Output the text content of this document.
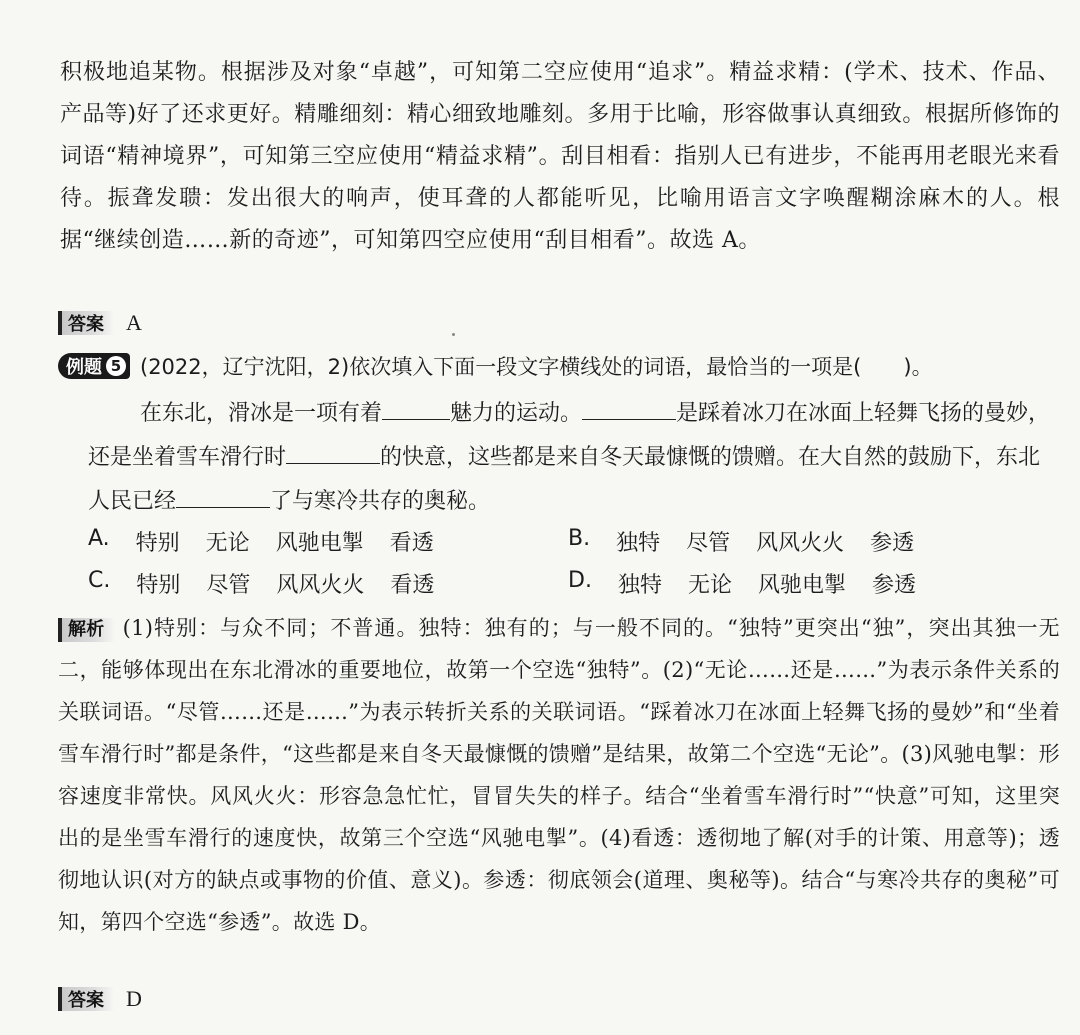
积极地追某物。根据涉及对象“卓越”，可知第二空应使用“追求”。精益求精：(学术、技术、作品、产品等)好了还求更好。精雕细刻：精心细致地雕刻。多用于比喻，形容做事认真细致。根据所修饰的词语“精神境界”，可知第三空应使用“精益求精”。刮目相看：指别人已有进步，不能再用老眼光来看待。振聋发聩：发出很大的响声，使耳聋的人都能听见，比喻用语言文字唤醒糊涂麻木的人。根据“继续创造……新的奇迹”，可知第四空应使用“刮目相看”。故选 A。
答案	A
例题 5 (2022，辽宁沈阳，2)依次填入下面一段文字横线处的词语，最恰当的一项是(　　)。
在东北，滑冰是一项有着	魅力的运动。	是踩着冰刀在冰面上轻舞飞扬的曼妙，还是坐着雪车滑行时	的快意，这些都是来自冬天最慷慨的馈赠。在大自然的鼓励下，东北人民已经	了与寒冷共存的奥秘。
A. 特别 无论 风驰电掣 看透	B. 独特 尽管 风风火火 参透
C. 特别 尽管 风风火火 看透	D. 独特 无论 风驰电掣 参透
解析 (1)特别：与众不同；不普通。独特：独有的；与一般不同的。“独特”更突出“独”，突出其独一无二，能够体现出在东北滑冰的重要地位，故第一个空选“独特”。(2)“无论……还是……”为表示条件关系的关联词语。“尽管……还是……”为表示转折关系的关联词语。“踩着冰刀在冰面上轻舞飞扬的曼妙”和“坐着雪车滑行时”都是条件，“这些都是来自冬天最慷慨的馈赠”是结果，故第二个空选“无论”。(3)风驰电掣：形容速度非常快。风风火火：形容急急忙忙，冒冒失失的样子。结合“坐着雪车滑行时”“快意”可知，这里突出的是坐雪车滑行的速度快，故第三个空选“风驰电掣”。(4)看透：透彻地了解(对手的计策、用意等)；透彻地认识(对方的缺点或事物的价值、意义)。参透：彻底领会(道理、奥秘等)。结合“与寒冷共存的奥秘”可知，第四个空选“参透”。故选 D。
答案	D
